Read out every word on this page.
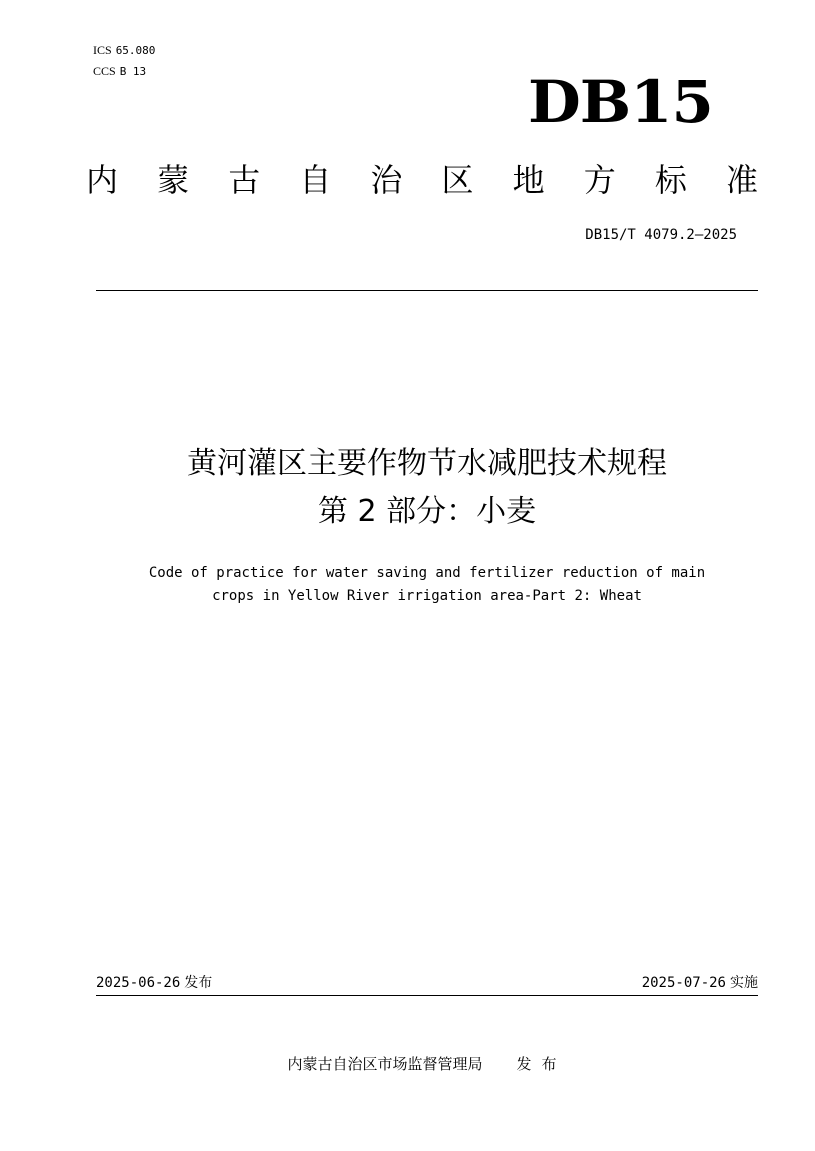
ICS 65.080
CCS B 13	DB15
内 蒙 古 自 治 区 地 方 标 准
DB15/T 4079.2—2025
黄河灌区主要作物节水减肥技术规程
第 2 部分：小麦
Code of practice for water saving and fertilizer reduction of main
crops in Yellow River irrigation area-Part 2: Wheat
2025-06-26 发布	2025-07-26 实施
内蒙古自治区市场监督管理局 发布
